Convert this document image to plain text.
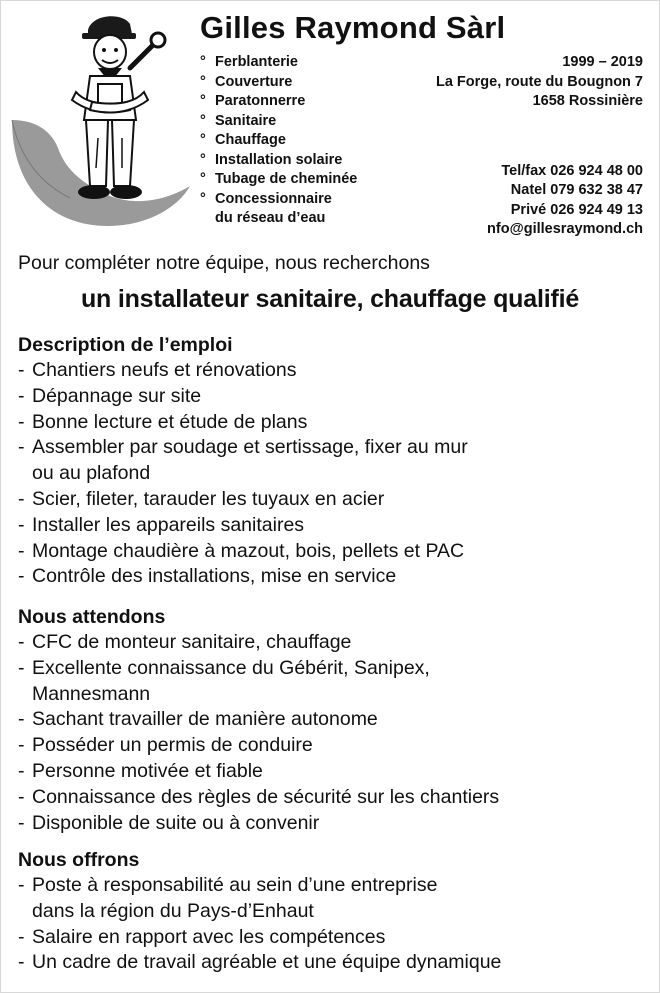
Gilles Raymond Sàrl
° Ferblanterie
° Couverture
° Paratonnerre
° Sanitaire
° Chauffage
° Installation solaire
° Tubage de cheminée
° Concessionnaire
du réseau d’eau
1999 – 2019
La Forge, route du Bougnon 7
1658 Rossinière
Tel/fax 026 924 48 00
Natel 079 632 38 47
Privé 026 924 49 13
nfo@gillesraymond.ch
Pour compléter notre équipe, nous recherchons
un installateur sanitaire, chauffage qualifié
Description de l’emploi
- Chantiers neufs et rénovations
- Dépannage sur site
- Bonne lecture et étude de plans
- Assembler par soudage et sertissage, fixer au mur
ou au plafond
- Scier, fileter, tarauder les tuyaux en acier
- Installer les appareils sanitaires
- Montage chaudière à mazout, bois, pellets et PAC
- Contrôle des installations, mise en service
Nous attendons
- CFC de monteur sanitaire, chauffage
- Excellente connaissance du Gébérit, Sanipex,
Mannesmann
- Sachant travailler de manière autonome
- Posséder un permis de conduire
- Personne motivée et fiable
- Connaissance des règles de sécurité sur les chantiers
- Disponible de suite ou à convenir
Nous offrons
- Poste à responsabilité au sein d’une entreprise
dans la région du Pays-d’Enhaut
- Salaire en rapport avec les compétences
- Un cadre de travail agréable et une équipe dynamique
